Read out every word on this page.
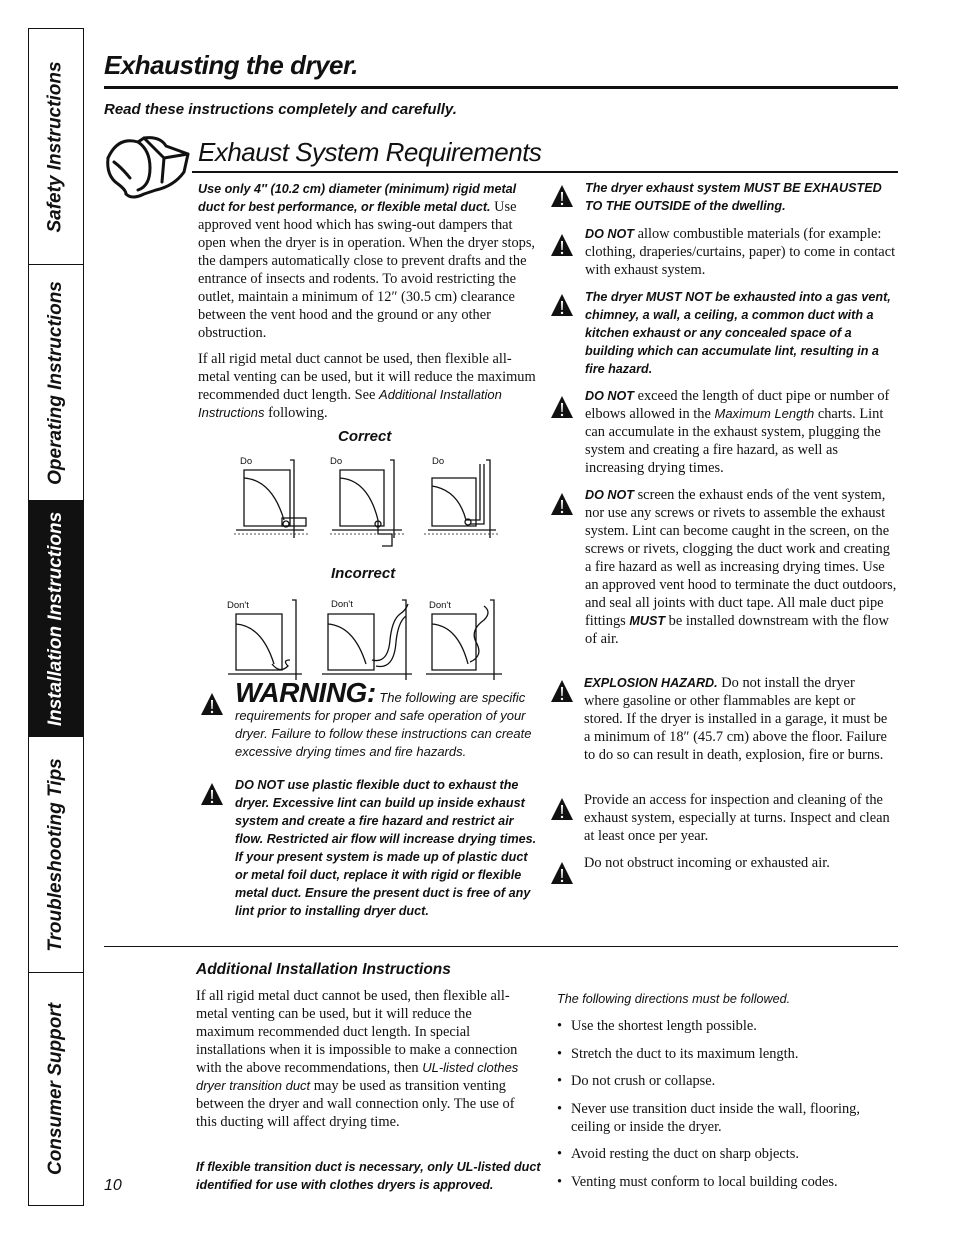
Safety Instructions
Operating Instructions
Installation Instructions
Troubleshooting Tips
Consumer Support
Exhausting the dryer.
Read these instructions completely and carefully.
Exhaust System Requirements

Use only 4″ (10.2 cm) diameter (minimum) rigid metal duct for best performance, or flexible metal duct. Use approved vent hood which has swing-out dampers that open when the dryer is in operation. When the dryer stops, the dampers automatically close to prevent drafts and the entrance of insects and rodents. To avoid restricting the outlet, maintain a minimum of 12″ (30.5 cm) clearance between the vent hood and the ground or any other obstruction.

If all rigid metal duct cannot be used, then flexible all-metal venting can be used, but it will reduce the maximum recommended duct length. See Additional Installation Instructions following.

Correct
Do	Do	Do
Incorrect
Don't	Don't	Don't

WARNING: The following are specific requirements for proper and safe operation of your dryer. Failure to follow these instructions can create excessive drying times and fire hazards.

DO NOT use plastic flexible duct to exhaust the dryer. Excessive lint can build up inside exhaust system and create a fire hazard and restrict air flow. Restricted air flow will increase drying times. If your present system is made up of plastic duct or metal foil duct, replace it with rigid or flexible metal duct. Ensure the present duct is free of any lint prior to installing dryer duct.

The dryer exhaust system MUST BE EXHAUSTED TO THE OUTSIDE of the dwelling.

DO NOT allow combustible materials (for example: clothing, draperies/curtains, paper) to come in contact with exhaust system.

The dryer MUST NOT be exhausted into a gas vent, chimney, a wall, a ceiling, a common duct with a kitchen exhaust or any concealed space of a building which can accumulate lint, resulting in a fire hazard.

DO NOT exceed the length of duct pipe or number of elbows allowed in the Maximum Length charts. Lint can accumulate in the exhaust system, plugging the system and creating a fire hazard, as well as increasing drying times.

DO NOT screen the exhaust ends of the vent system, nor use any screws or rivets to assemble the exhaust system. Lint can become caught in the screen, on the screws or rivets, clogging the duct work and creating a fire hazard as well as increasing drying times. Use an approved vent hood to terminate the duct outdoors, and seal all joints with duct tape. All male duct pipe fittings MUST be installed downstream with the flow of air.

EXPLOSION HAZARD. Do not install the dryer where gasoline or other flammables are kept or stored. If the dryer is installed in a garage, it must be a minimum of 18″ (45.7 cm) above the floor. Failure to do so can result in death, explosion, fire or burns.

Provide an access for inspection and cleaning of the exhaust system, especially at turns. Inspect and clean at least once per year.

Do not obstruct incoming or exhausted air.

Additional Installation Instructions

If all rigid metal duct cannot be used, then flexible all-metal venting can be used, but it will reduce the maximum recommended duct length. In special installations when it is impossible to make a connection with the above recommendations, then UL-listed clothes dryer transition duct may be used as transition venting between the dryer and wall connection only. The use of this ducting will affect drying time.

If flexible transition duct is necessary, only UL-listed duct identified for use with clothes dryers is approved.

The following directions must be followed.

• Use the shortest length possible.
• Stretch the duct to its maximum length.
• Do not crush or collapse.
• Never use transition duct inside the wall, flooring, ceiling or inside the dryer.
• Avoid resting the duct on sharp objects.
• Venting must conform to local building codes.
10
